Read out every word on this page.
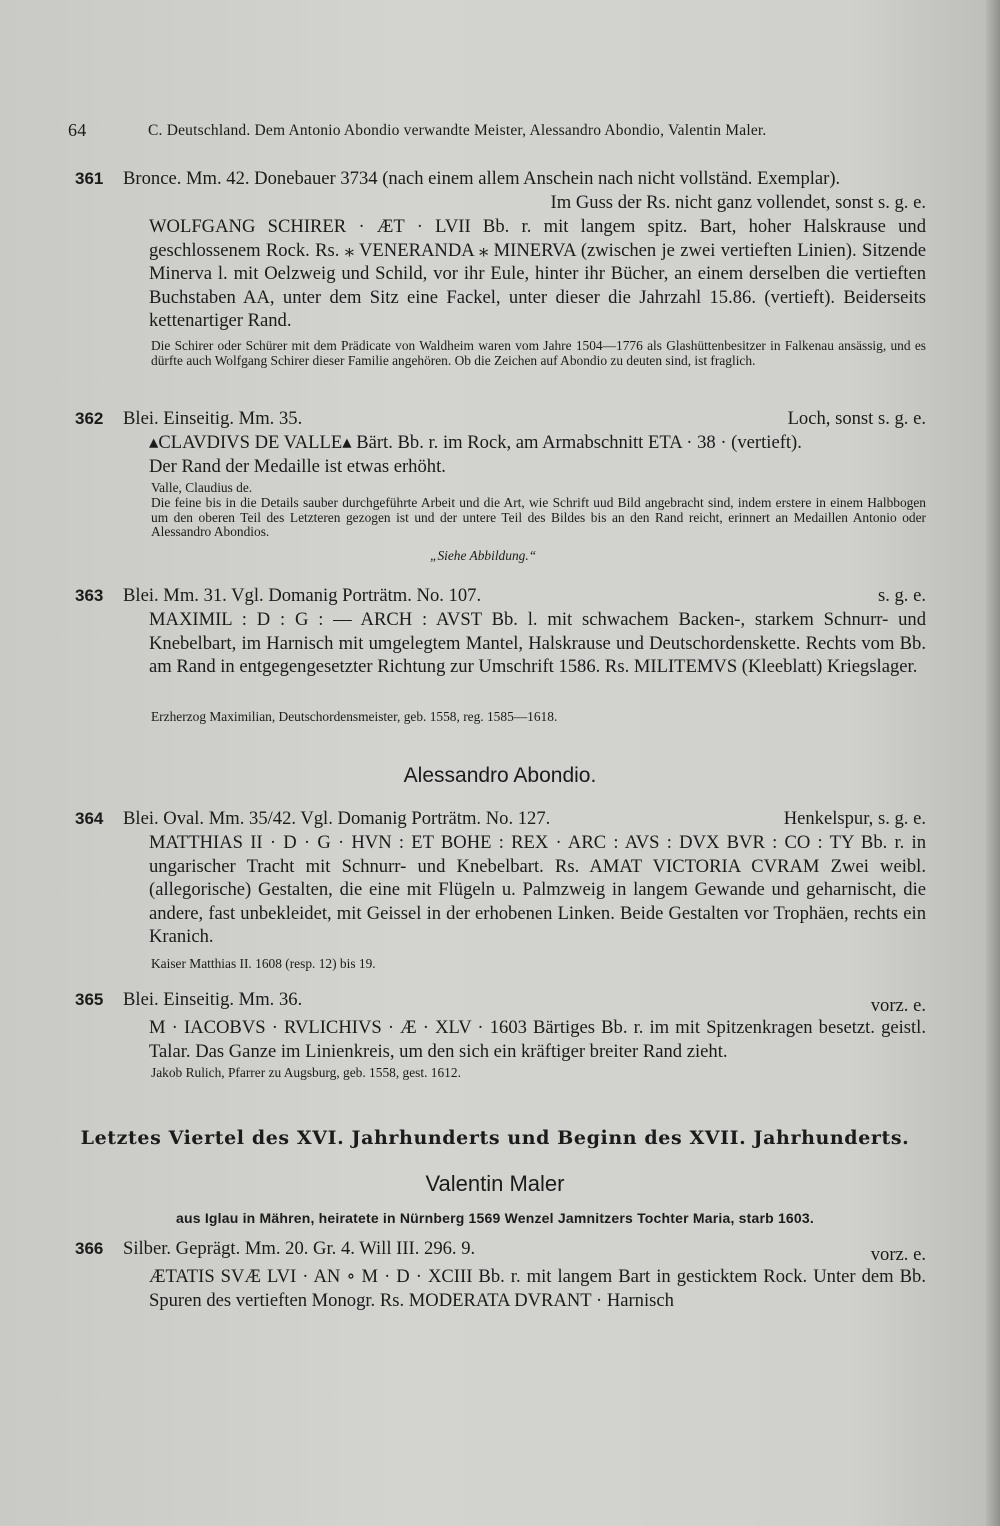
64	C. Deutschland. Dem Antonio Abondio verwandte Meister, Alessandro Abondio, Valentin Maler.
361 Bronce. Mm. 42. Donebauer 3734 (nach einem allem Anschein nach nicht vollständ. Exemplar).
Im Guss der Rs. nicht ganz vollendet, sonst s. g. e.

WOLFGANG SCHIRER · ÆT · LVII Bb. r. mit langem spitz. Bart, hoher Halskrause und geschlossenem Rock. Rs. ⁎ VENERANDA ⁎ MINERVA (zwischen je zwei vertieften Linien). Sitzende Minerva l. mit Oelzweig und Schild, vor ihr Eule, hinter ihr Bücher, an einem derselben die vertieften Buchstaben AA, unter dem Sitz eine Fackel, unter dieser die Jahrzahl 15.86. (vertieft). Beiderseits kettenartiger Rand.

Die Schirer oder Schürer mit dem Prädicate von Waldheim waren vom Jahre 1504—1776 als Glashüttenbesitzer in Falkenau ansässig, und es dürfte auch Wolfgang Schirer dieser Familie angehören. Ob die Zeichen auf Abondio zu deuten sind, ist fraglich.

362 Blei. Einseitig. Mm. 35.	Loch, sonst s. g. e.
▴CLAVDIVS DE VALLE▴ Bärt. Bb. r. im Rock, am Armabschnitt ETA · 38 · (vertieft).
Der Rand der Medaille ist etwas erhöht.

Valle, Claudius de.

Die feine bis in die Details sauber durchgeführte Arbeit und die Art, wie Schrift uud Bild angebracht sind, indem erstere in einem Halbbogen um den oberen Teil des Letzteren gezogen ist und der untere Teil des Bildes bis an den Rand reicht, erinnert an Medaillen Antonio oder Alessandro Abondios.

„Siehe Abbildung.“

363 Blei. Mm. 31. Vgl. Domanig Porträtm. No. 107.	s. g. e.

MAXIMIL : D : G : — ARCH : AVST Bb. l. mit schwachem Backen-, starkem Schnurr- und Knebelbart, im Harnisch mit umgelegtem Mantel, Halskrause und Deutschordenskette. Rechts vom Bb. am Rand in entgegengesetzter Richtung zur Umschrift 1586. Rs. MILITEMVS (Kleeblatt) Kriegslager.

Erzherzog Maximilian, Deutschordensmeister, geb. 1558, reg. 1585—1618.

Alessandro Abondio.
364 Blei. Oval. Mm. 35/42. Vgl. Domanig Porträtm. No. 127.	Henkelspur, s. g. e.

MATTHIAS II · D · G · HVN : ET BOHE : REX · ARC : AVS : DVX BVR : CO : TY Bb. r. in ungarischer Tracht mit Schnurr- und Knebelbart. Rs. AMAT VICTORIA CVRAM Zwei weibl. (allegorische) Gestalten, die eine mit Flügeln u. Palmzweig in langem Gewande und geharnischt, die andere, fast unbekleidet, mit Geissel in der erhobenen Linken. Beide Gestalten vor Trophäen, rechts ein Kranich.

Kaiser Matthias II. 1608 (resp. 12) bis 19.

365 Blei. Einseitig. Mm. 36.	vorz. e.

M · IACOBVS · RVLICHIVS · Æ · XLV · 1603 Bärtiges Bb. r. im mit Spitzenkragen besetzt. geistl. Talar. Das Ganze im Linienkreis, um den sich ein kräftiger breiter Rand zieht.

Jakob Rulich, Pfarrer zu Augsburg, geb. 1558, gest. 1612.

Letztes Viertel des XVI. Jahrhunderts und Beginn des XVII. Jahrhunderts.
Valentin Maler
aus Iglau in Mähren, heiratete in Nürnberg 1569 Wenzel Jamnitzers Tochter Maria, starb 1603.
366 Silber. Geprägt. Mm. 20. Gr. 4. Will III. 296. 9.	vorz. e.

ÆTATIS SVÆ LVI · AN ∘ M · D · XCIII Bb. r. mit langem Bart in gesticktem Rock. Unter dem Bb. Spuren des vertieften Monogr. Rs. MODERATA DVRANT · Harnisch
